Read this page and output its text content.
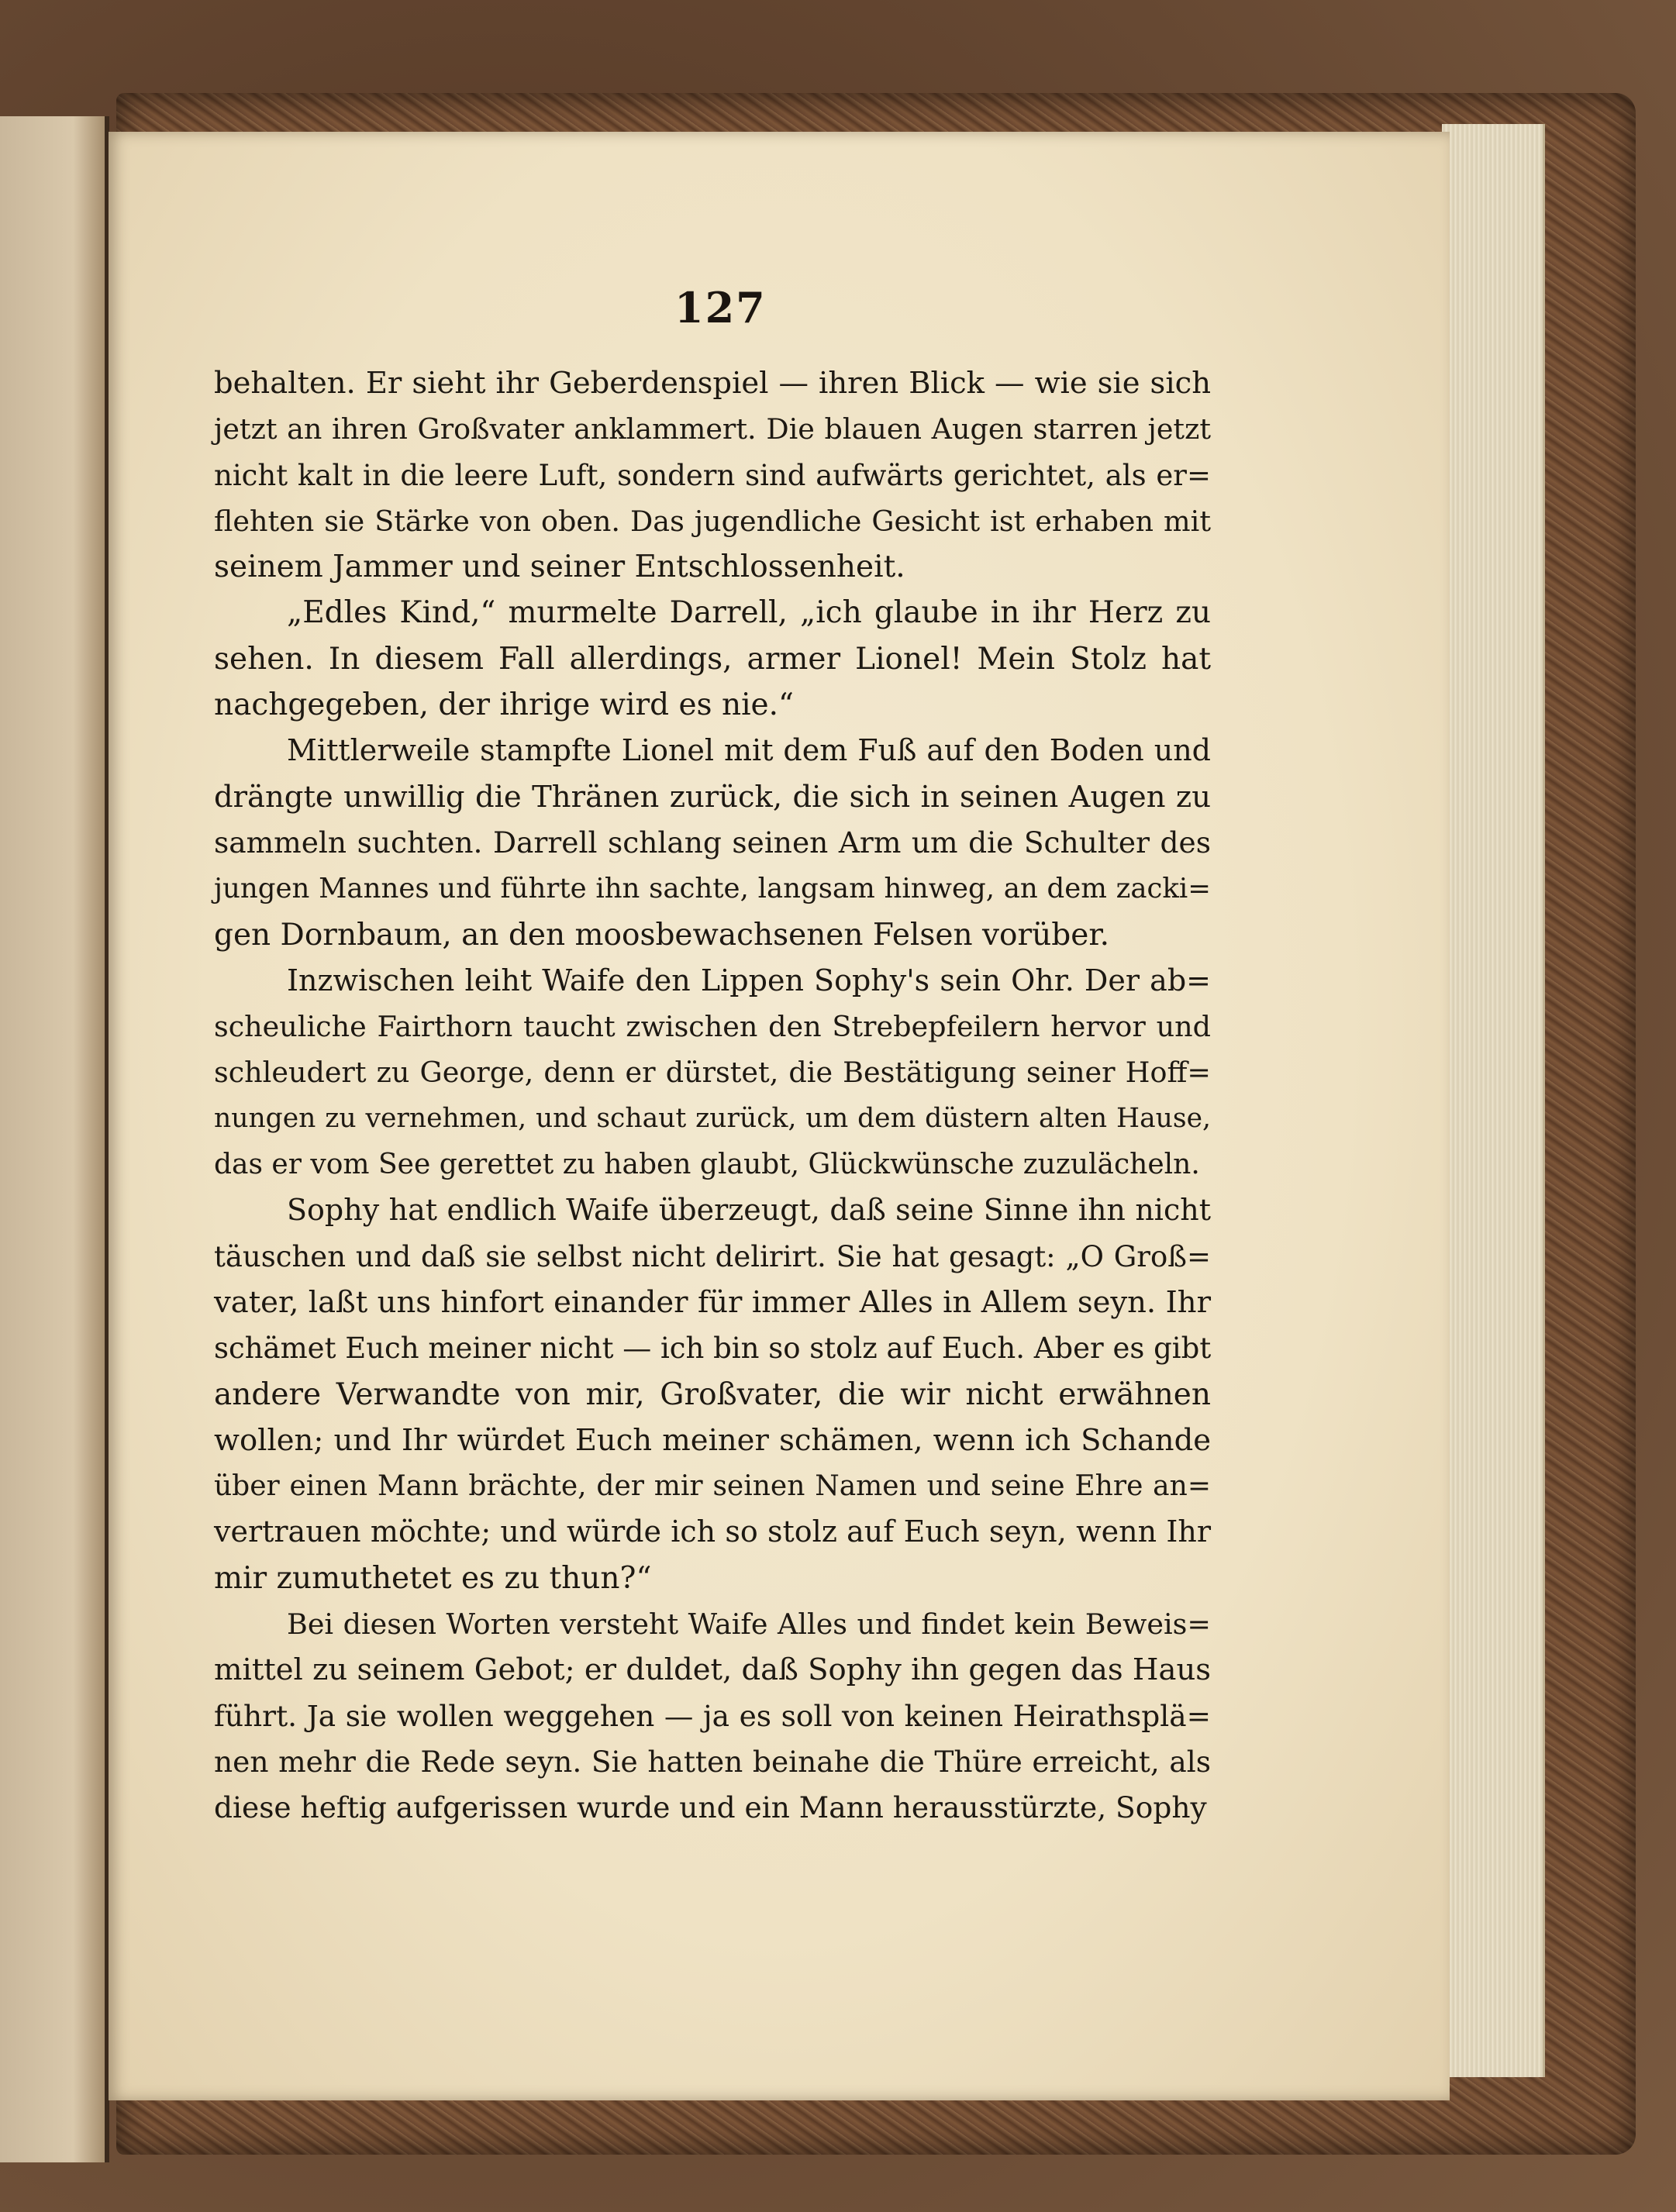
127
behalten. Er sieht ihr Geberdenspiel — ihren Blick — wie sie sich
jetzt an ihren Großvater anklammert. Die blauen Augen starren jetzt
nicht kalt in die leere Luft, sondern sind aufwärts gerichtet, als er=
flehten sie Stärke von oben. Das jugendliche Gesicht ist erhaben mit
seinem Jammer und seiner Entschlossenheit.
„Edles Kind,“ murmelte Darrell, „ich glaube in ihr Herz zu
sehen. In diesem Fall allerdings, armer Lionel! Mein Stolz hat
nachgegeben, der ihrige wird es nie.“
Mittlerweile stampfte Lionel mit dem Fuß auf den Boden und
drängte unwillig die Thränen zurück, die sich in seinen Augen zu
sammeln suchten. Darrell schlang seinen Arm um die Schulter des
jungen Mannes und führte ihn sachte, langsam hinweg, an dem zacki=
gen Dornbaum, an den moosbewachsenen Felsen vorüber.
Inzwischen leiht Waife den Lippen Sophy's sein Ohr. Der ab=
scheuliche Fairthorn taucht zwischen den Strebepfeilern hervor und
schleudert zu George, denn er dürstet, die Bestätigung seiner Hoff=
nungen zu vernehmen, und schaut zurück, um dem düstern alten Hause,
das er vom See gerettet zu haben glaubt, Glückwünsche zuzulächeln.
Sophy hat endlich Waife überzeugt, daß seine Sinne ihn nicht
täuschen und daß sie selbst nicht delirirt. Sie hat gesagt: „O Groß=
vater, laßt uns hinfort einander für immer Alles in Allem seyn. Ihr
schämet Euch meiner nicht — ich bin so stolz auf Euch. Aber es gibt
andere Verwandte von mir, Großvater, die wir nicht erwähnen
wollen; und Ihr würdet Euch meiner schämen, wenn ich Schande
über einen Mann brächte, der mir seinen Namen und seine Ehre an=
vertrauen möchte; und würde ich so stolz auf Euch seyn, wenn Ihr
mir zumuthetet es zu thun?“
Bei diesen Worten versteht Waife Alles und findet kein Beweis=
mittel zu seinem Gebot; er duldet, daß Sophy ihn gegen das Haus
führt. Ja sie wollen weggehen — ja es soll von keinen Heirathsplä=
nen mehr die Rede seyn. Sie hatten beinahe die Thüre erreicht, als
diese heftig aufgerissen wurde und ein Mann herausstürzte, Sophy
